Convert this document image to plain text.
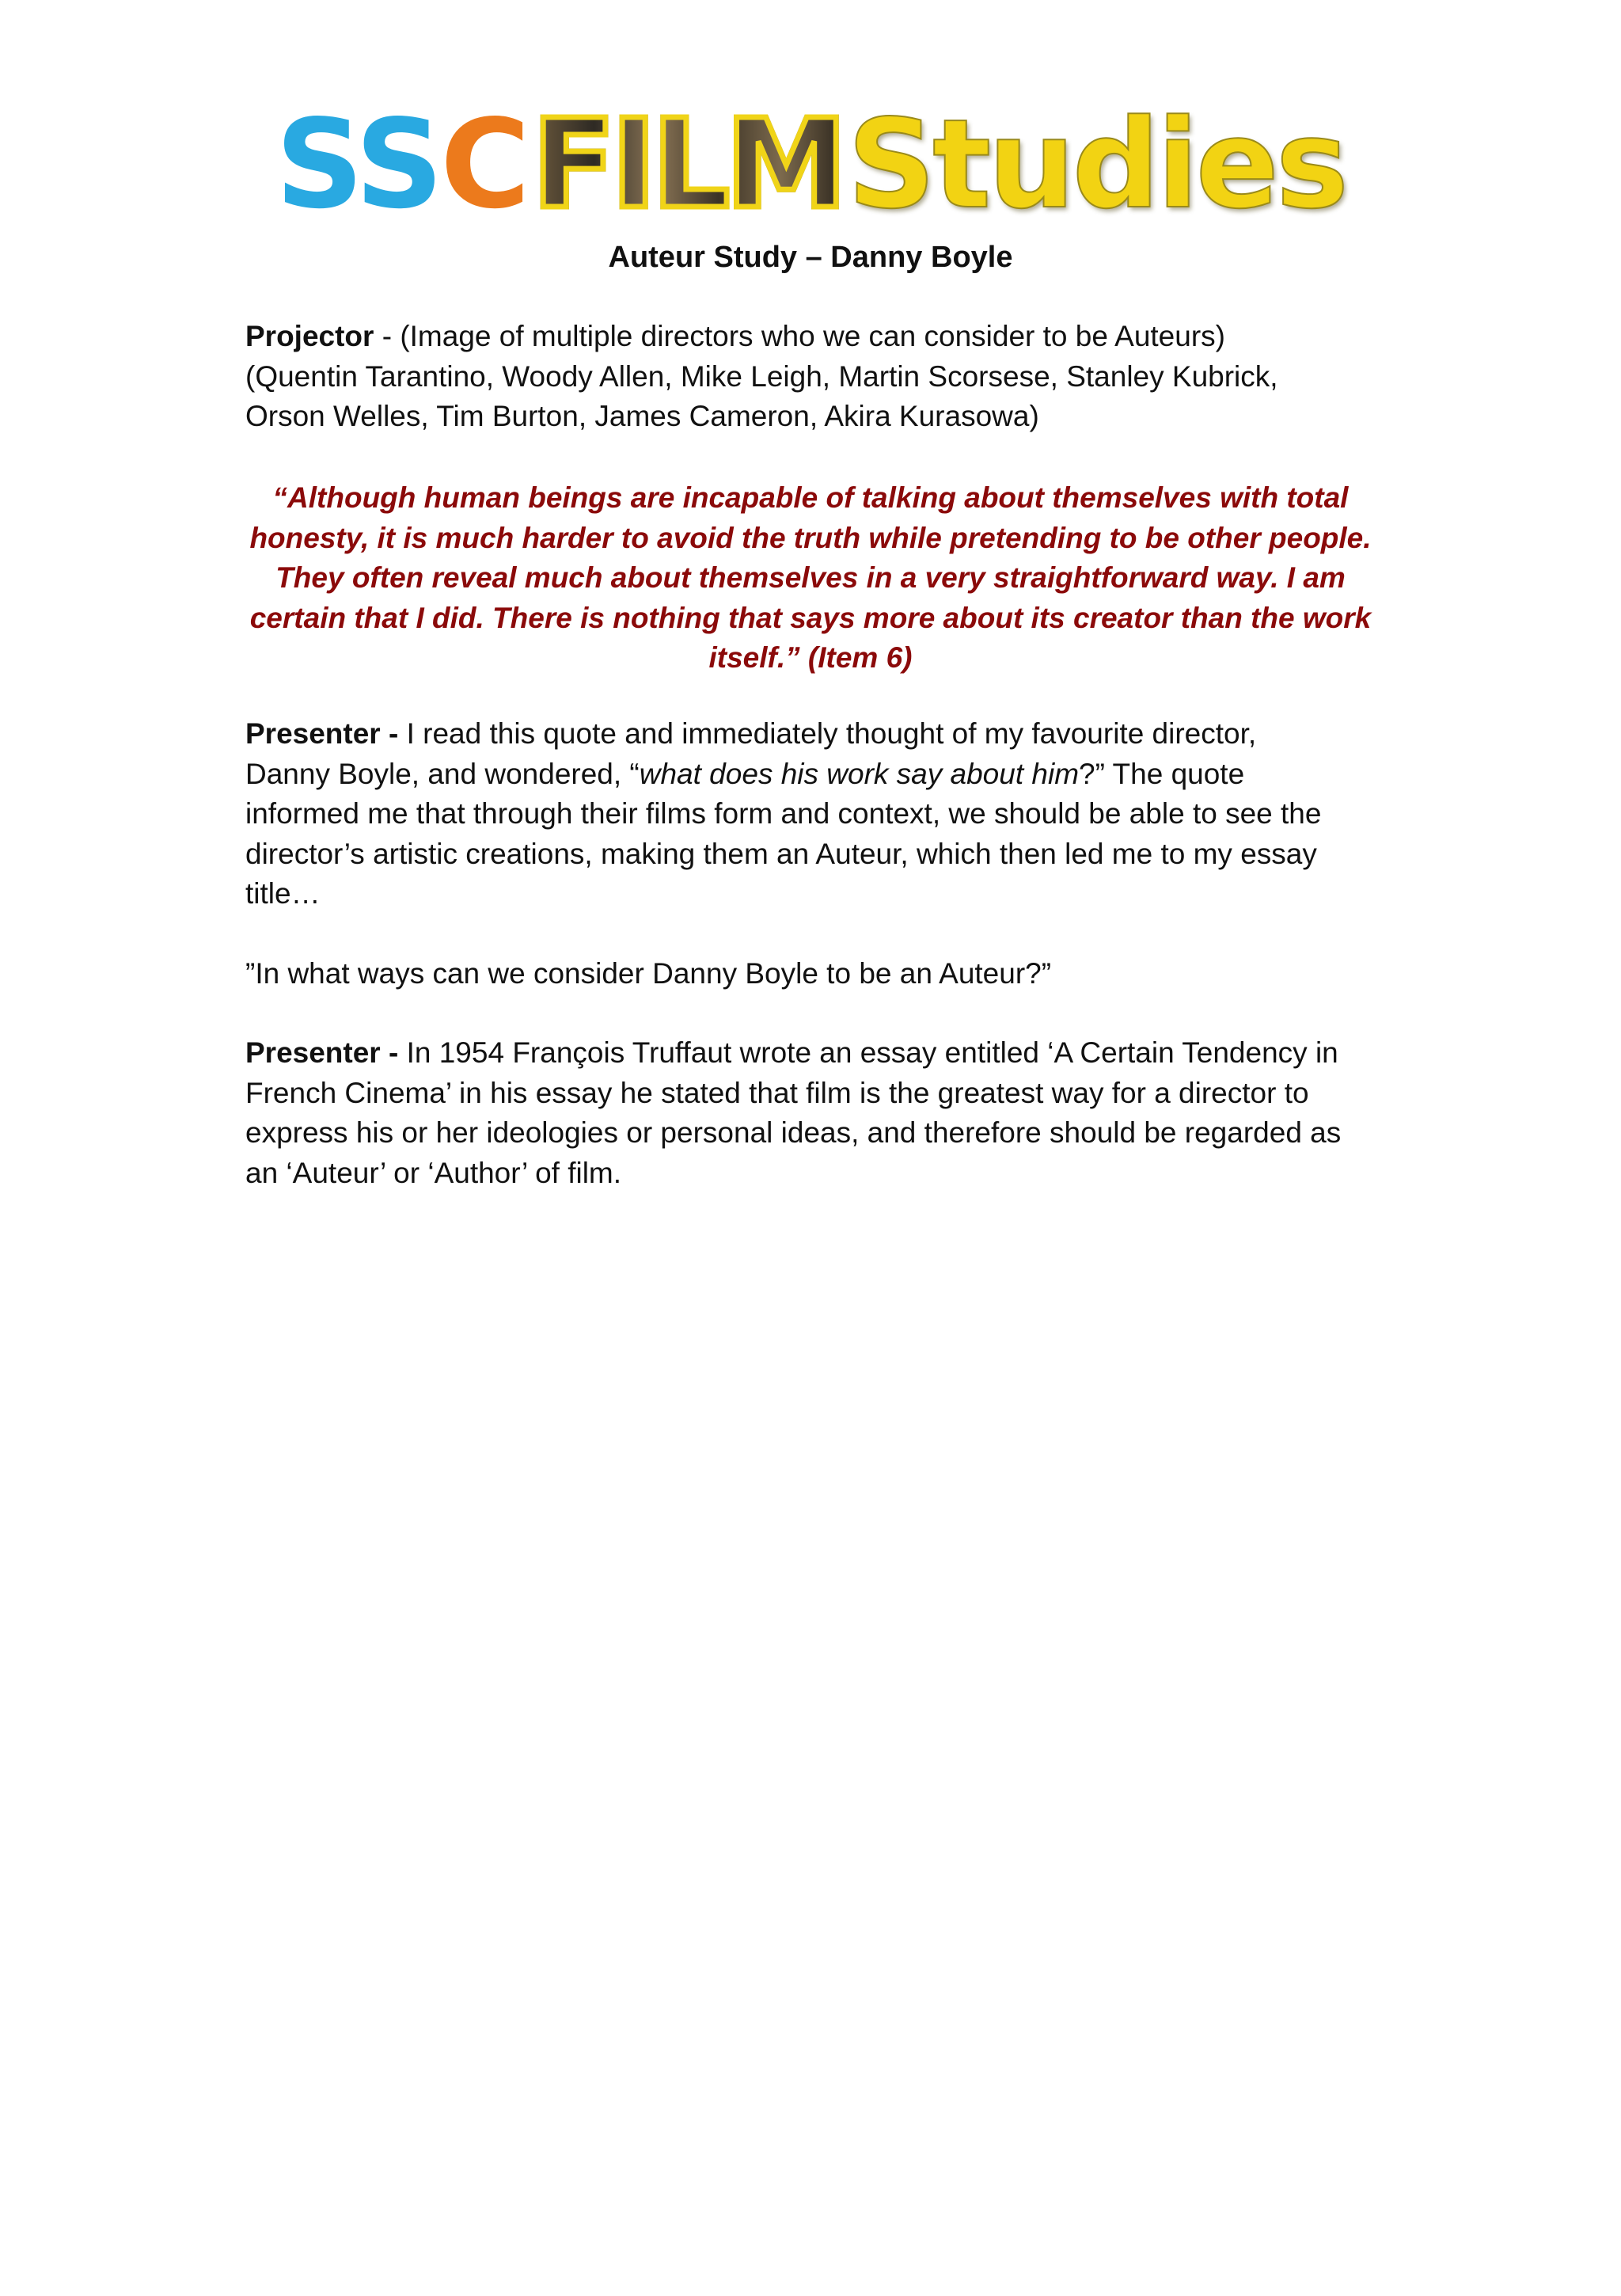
SSCFILMStudies
Auteur Study – Danny Boyle
Projector - (Image of multiple directors who we can consider to be Auteurs)
(Quentin Tarantino, Woody Allen, Mike Leigh, Martin Scorsese, Stanley Kubrick,
Orson Welles, Tim Burton, James Cameron, Akira Kurasowa)
“Although human beings are incapable of talking about themselves with total
honesty, it is much harder to avoid the truth while pretending to be other people.
They often reveal much about themselves in a very straightforward way. I am
certain that I did. There is nothing that says more about its creator than the work
itself.” (Item 6)
Presenter - I read this quote and immediately thought of my favourite director,
Danny Boyle, and wondered, “what does his work say about him?” The quote
informed me that through their films form and context, we should be able to see the
director’s artistic creations, making them an Auteur, which then led me to my essay
title…
”In what ways can we consider Danny Boyle to be an Auteur?”
Presenter - In 1954 François Truffaut wrote an essay entitled ‘A Certain Tendency in
French Cinema’ in his essay he stated that film is the greatest way for a director to
express his or her ideologies or personal ideas, and therefore should be regarded as
an ‘Auteur’ or ‘Author’ of film.
